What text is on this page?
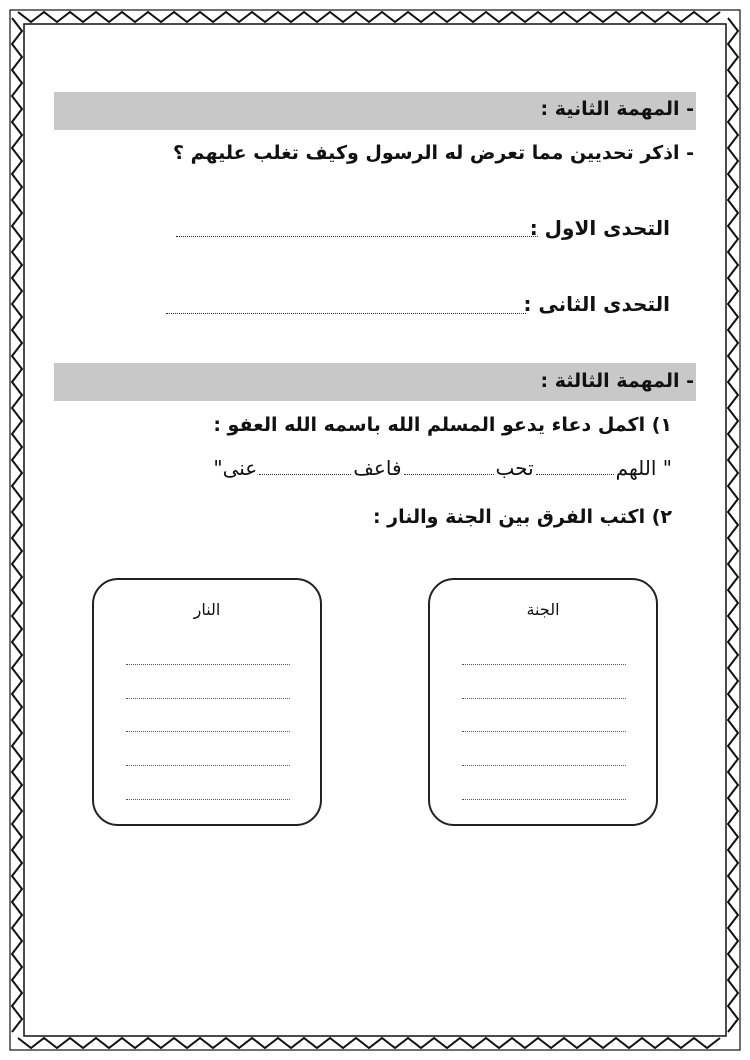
- المهمة الثانية :
- اذكر تحديين مما تعرض له الرسول وكيف تغلب عليهم ؟
التحدى الاول :
التحدى الثانى :
- المهمة الثالثة :
١) اكمل دعاء يدعو المسلم الله باسمه الله العفو :
" اللهمتحبفاعفعنى"
٢) اكتب الفرق بين الجنة والنار :
الجنة
النار
